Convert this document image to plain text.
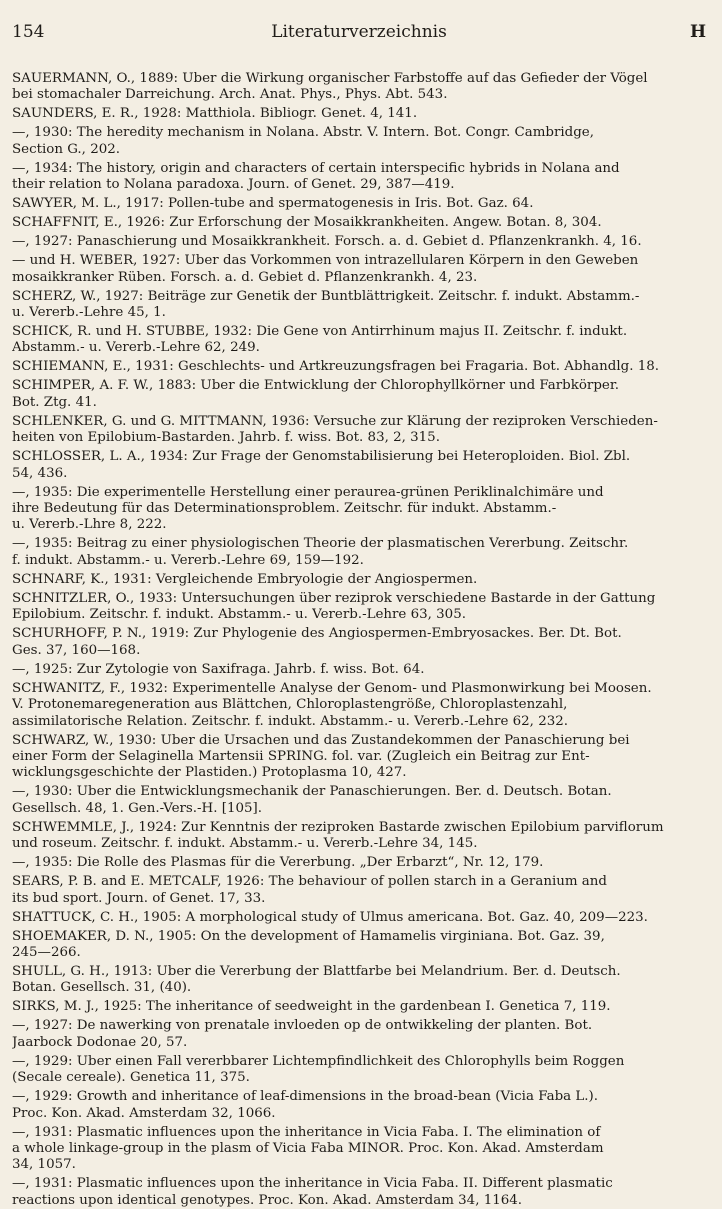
154	Literaturverzeichnis	H
SAUERMANN, O., 1889: Über die Wirkung organischer Farbstoffe auf das Gefieder der Vögel
bei stomachaler Darreichung. Arch. Anat. Phys., Phys. Abt. 543.
SAUNDERS, E. R., 1928: Matthiola. Bibliogr. Genet. 4, 141.
—, 1930: The heredity mechanism in Nolana. Abstr. V. Intern. Bot. Congr. Cambridge,
Section G., 202.
—, 1934: The history, origin and characters of certain interspecific hybrids in Nolana and
their relation to Nolana paradoxa. Journ. of Genet. 29, 387—419.
SAWYER, M. L., 1917: Pollen-tube and spermatogenesis in Iris. Bot. Gaz. 64.
SCHAFFNIT, E., 1926: Zur Erforschung der Mosaikkrankheiten. Angew. Botan. 8, 304.
—, 1927: Panaschierung und Mosaikkrankheit. Forsch. a. d. Gebiet d. Pflanzenkrankh. 4, 16.
— und H. WEBER, 1927: Über das Vorkommen von intrazellularen Körpern in den Geweben
mosaikkranker Rüben. Forsch. a. d. Gebiet d. Pflanzenkrankh. 4, 23.
SCHERZ, W., 1927: Beiträge zur Genetik der Buntblättrigkeit. Zeitschr. f. indukt. Abstamm.-
u. Vererb.-Lehre 45, 1.
SCHICK, R. und H. STUBBE, 1932: Die Gene von Antirrhinum majus II. Zeitschr. f. indukt.
Abstamm.- u. Vererb.-Lehre 62, 249.
SCHIEMANN, E., 1931: Geschlechts- und Artkreuzungsfragen bei Fragaria. Bot. Abhandlg. 18.
SCHIMPER, A. F. W., 1883: Über die Entwicklung der Chlorophyllkörner und Farbkörper.
Bot. Ztg. 41.
SCHLENKER, G. und G. MITTMANN, 1936: Versuche zur Klärung der reziproken Verschieden-
heiten von Epilobium-Bastarden. Jahrb. f. wiss. Bot. 83, 2, 315.
SCHLÖSSER, L. A., 1934: Zur Frage der Genomstabilisierung bei Heteroploiden. Biol. Zbl.
54, 436.
—, 1935: Die experimentelle Herstellung einer peraurea-grünen Periklinalchimäre und
ihre Bedeutung für das Determinationsproblem. Zeitschr. für indukt. Abstamm.-
u. Vererb.-Lhre 8, 222.
—, 1935: Beitrag zu einer physiologischen Theorie der plasmatischen Vererbung. Zeitschr.
f. indukt. Abstamm.- u. Vererb.-Lehre 69, 159—192.
SCHNARF, K., 1931: Vergleichende Embryologie der Angiospermen.
SCHNITZLER, O., 1933: Untersuchungen über reziprok verschiedene Bastarde in der Gattung
Epilobium. Zeitschr. f. indukt. Abstamm.- u. Vererb.-Lehre 63, 305.
SCHÜRHOFF, P. N., 1919: Zur Phylogenie des Angiospermen-Embryosackes. Ber. Dt. Bot.
Ges. 37, 160—168.
—, 1925: Zur Zytologie von Saxifraga. Jahrb. f. wiss. Bot. 64.
SCHWANITZ, F., 1932: Experimentelle Analyse der Genom- und Plasmonwirkung bei Moosen.
V. Protonemaregeneration aus Blättchen, Chloroplastengröße, Chloroplastenzahl,
assimilatorische Relation. Zeitschr. f. indukt. Abstamm.- u. Vererb.-Lehre 62, 232.
SCHWARZ, W., 1930: Über die Ursachen und das Zustandekommen der Panaschierung bei
einer Form der Selaginella Martensii SPRING. fol. var. (Zugleich ein Beitrag zur Ent-
wicklungsgeschichte der Plastiden.) Protoplasma 10, 427.
—, 1930: Über die Entwicklungsmechanik der Panaschierungen. Ber. d. Deutsch. Botan.
Gesellsch. 48, 1. Gen.-Vers.-H. [105].
SCHWEMMLE, J., 1924: Zur Kenntnis der reziproken Bastarde zwischen Epilobium parviflorum
und roseum. Zeitschr. f. indukt. Abstamm.- u. Vererb.-Lehre 34, 145.
—, 1935: Die Rolle des Plasmas für die Vererbung. „Der Erbarzt“, Nr. 12, 179.
SEARS, P. B. and E. METCALF, 1926: The behaviour of pollen starch in a Geranium and
its bud sport. Journ. of Genet. 17, 33.
SHATTUCK, C. H., 1905: A morphological study of Ulmus americana. Bot. Gaz. 40, 209—223.
SHOEMAKER, D. N., 1905: On the development of Hamamelis virginiana. Bot. Gaz. 39,
245—266.
SHULL, G. H., 1913: Über die Vererbung der Blattfarbe bei Melandrium. Ber. d. Deutsch.
Botan. Gesellsch. 31, (40).
SIRKS, M. J., 1925: The inheritance of seedweight in the gardenbean I. Genetica 7, 119.
—, 1927: De nawerking von prenatale invloeden op de ontwikkeling der planten. Bot.
Jaarbock Dodonae 20, 57.
—, 1929: Über einen Fall vererbbarer Lichtempfindlichkeit des Chlorophylls beim Roggen
(Secale cereale). Genetica 11, 375.
—, 1929: Growth and inheritance of leaf-dimensions in the broad-bean (Vicia Faba L.).
Proc. Kon. Akad. Amsterdam 32, 1066.
—, 1931: Plasmatic influences upon the inheritance in Vicia Faba. I. The elimination of
a whole linkage-group in the plasm of Vicia Faba MINOR. Proc. Kon. Akad. Amsterdam
34, 1057.
—, 1931: Plasmatic influences upon the inheritance in Vicia Faba. II. Different plasmatic
reactions upon identical genotypes. Proc. Kon. Akad. Amsterdam 34, 1164.
